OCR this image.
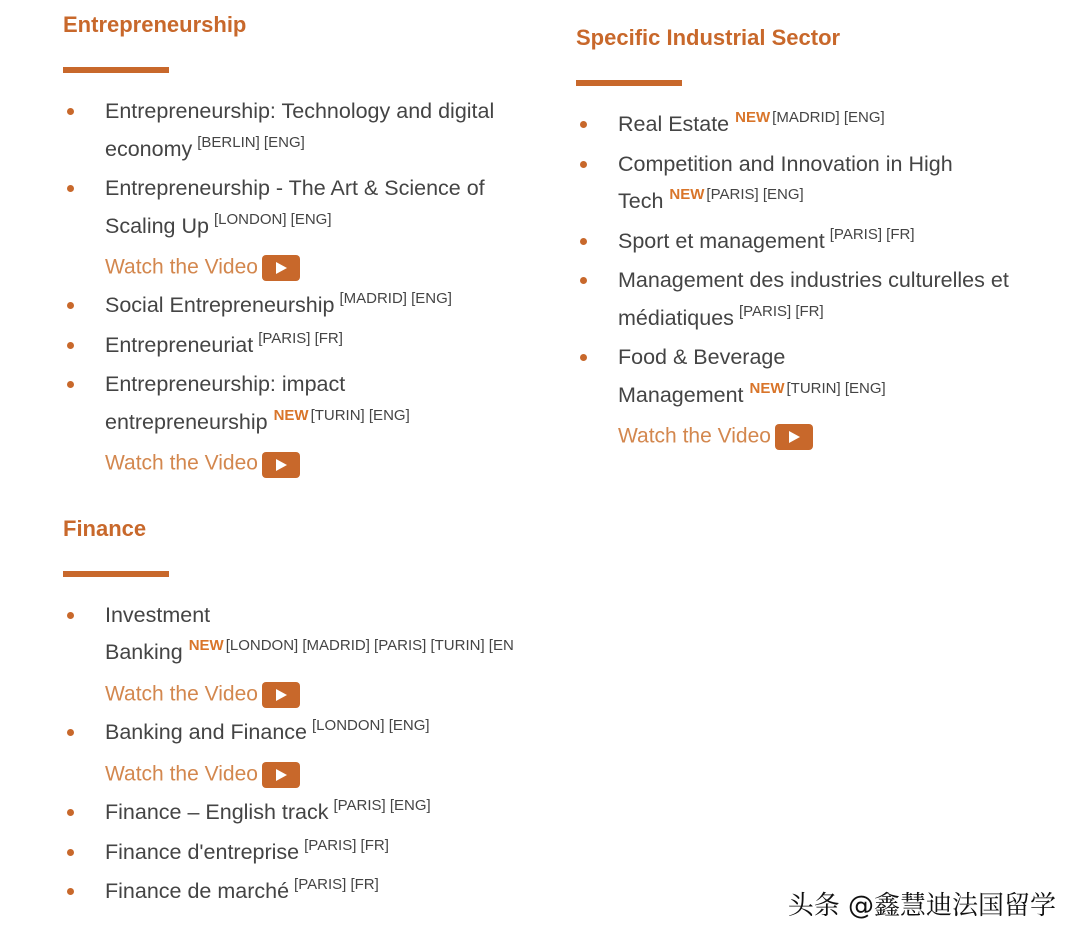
Entrepreneurship
Entrepreneurship: Technology and digital
economy [BERLIN] [ENG]
Entrepreneurship - The Art & Science of
Scaling Up [LONDON] [ENG]
Watch the Video
Social Entrepreneurship [MADRID] [ENG]
Entrepreneuriat [PARIS] [FR]
Entrepreneurship: impact
entrepreneurship $^{NEW}$ [TURIN] [ENG]
Watch the Video
Finance
Investment
Banking $^{NEW}$ $^{[LONDON] [MADRID] [PARIS] [TURIN] [EN}$
Watch the Video
Banking and Finance [LONDON] [ENG]
Watch the Video
Finance – English track [PARIS] [ENG]
Finance d'entreprise [PARIS] [FR]
Finance de marché [PARIS] [FR]
Specific Industrial Sector
Real Estate $^{NEW}$ [MADRID] [ENG]
Competition and Innovation in High
Tech $^{NEW}$ [PARIS] [ENG]
Sport et management [PARIS] [FR]
Management des industries culturelles et
médiatiques [PARIS] [FR]
Food & Beverage
Management $^{NEW}$ [TURIN] [ENG]
Watch the Video
头条 @鑫慧迪法国留学
